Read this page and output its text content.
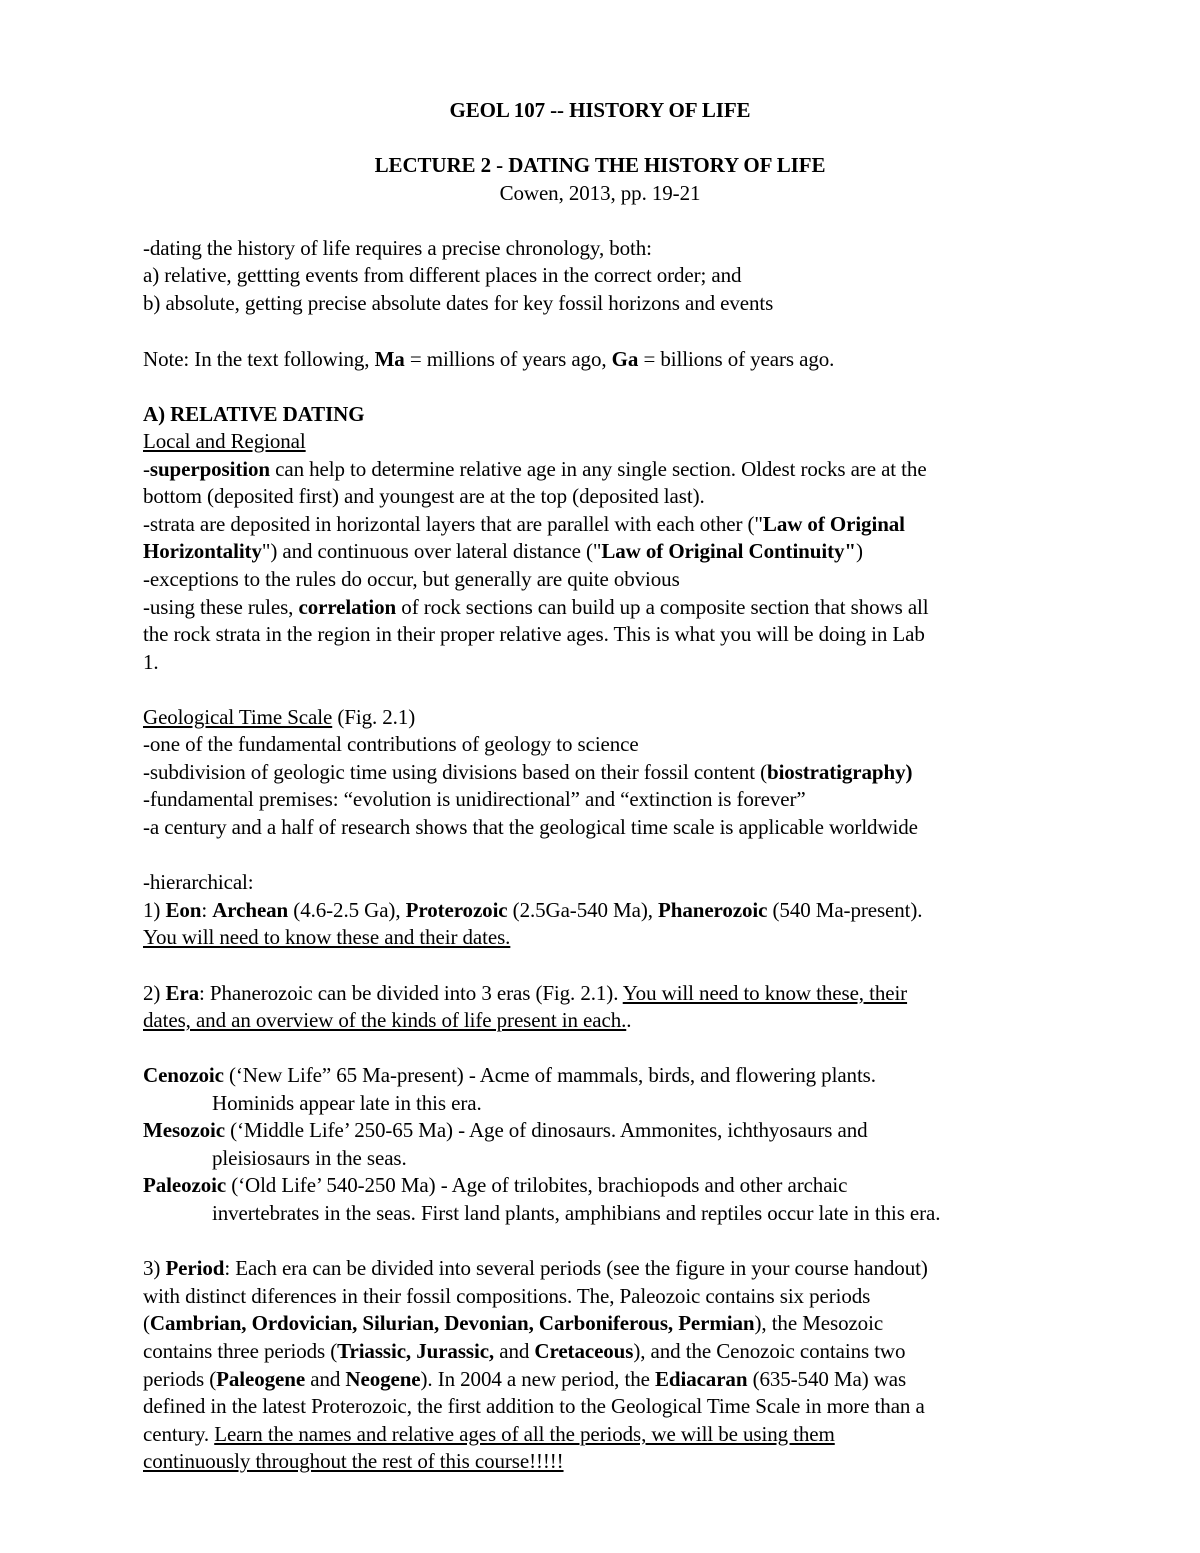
GEOL 107 -- HISTORY OF LIFE
LECTURE 2 - DATING THE HISTORY OF LIFE
Cowen, 2013, pp. 19-21
-dating the history of life requires a precise chronology, both:
a) relative, gettting events from different places in the correct order; and
b) absolute, getting precise absolute dates for key fossil horizons and events
Note: In the text following, Ma = millions of years ago, Ga = billions of years ago.
A) RELATIVE DATING
Local and Regional
-superposition can help to determine relative age in any single section. Oldest rocks are at the
bottom (deposited first) and youngest are at the top (deposited last).
-strata are deposited in horizontal layers that are parallel with each other ("Law of Original
Horizontality") and continuous over lateral distance ("Law of Original Continuity")
-exceptions to the rules do occur, but generally are quite obvious
-using these rules, correlation of rock sections can build up a composite section that shows all
the rock strata in the region in their proper relative ages. This is what you will be doing in Lab
1.
Geological Time Scale (Fig. 2.1)
-one of the fundamental contributions of geology to science
-subdivision of geologic time using divisions based on their fossil content (biostratigraphy)
-fundamental premises: “evolution is unidirectional” and “extinction is forever”
-a century and a half of research shows that the geological time scale is applicable worldwide
-hierarchical:
1) Eon: Archean (4.6-2.5 Ga), Proterozoic (2.5Ga-540 Ma), Phanerozoic (540 Ma-present).
You will need to know these and their dates.
2) Era: Phanerozoic can be divided into 3 eras (Fig. 2.1). You will need to know these, their
dates, and an overview of the kinds of life present in each..
Cenozoic (‘New Life” 65 Ma-present) - Acme of mammals, birds, and flowering plants.
Hominids appear late in this era.
Mesozoic (‘Middle Life’ 250-65 Ma) - Age of dinosaurs. Ammonites, ichthyosaurs and
pleisiosaurs in the seas.
Paleozoic (‘Old Life’ 540-250 Ma) - Age of trilobites, brachiopods and other archaic
invertebrates in the seas. First land plants, amphibians and reptiles occur late in this era.
3) Period: Each era can be divided into several periods (see the figure in your course handout)
with distinct diferences in their fossil compositions. The, Paleozoic contains six periods
(Cambrian, Ordovician, Silurian, Devonian, Carboniferous, Permian), the Mesozoic
contains three periods (Triassic, Jurassic, and Cretaceous), and the Cenozoic contains two
periods (Paleogene and Neogene). In 2004 a new period, the Ediacaran (635-540 Ma) was
defined in the latest Proterozoic, the first addition to the Geological Time Scale in more than a
century. Learn the names and relative ages of all the periods, we will be using them
continuously throughout the rest of this course!!!!!
